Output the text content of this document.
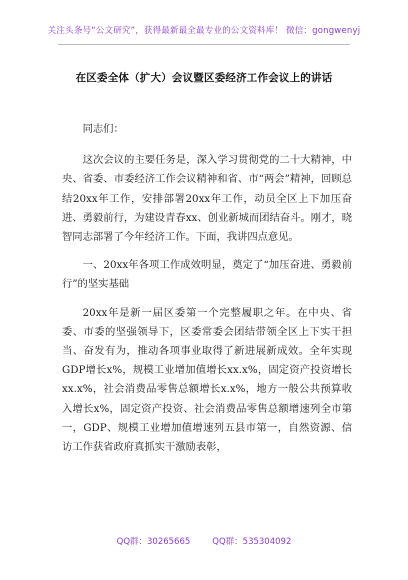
关注头条号“公文研究”，获得最新最全最专业的公文资料库！ 微信：gongwenyj
在区委全体（扩大）会议暨区委经济工作会议上的讲话

同志们：

这次会议的主要任务是，深入学习贯彻党的二十大精神，中央、省委、市委经济工作会议精神和省、市“两会”精神，回顾总结20xx年工作，安排部署20xx年工作，动员全区上下加压奋进、勇毅前行，为建设青春xx、创业新城而团结奋斗。刚才，晓智同志部署了今年经济工作。下面，我讲四点意见。

一、20xx年各项工作成效明显，奠定了“加压奋进、勇毅前行”的坚实基础

20xx年是新一届区委第一个完整履职之年。在中央、省委、市委的坚强领导下，区委常委会团结带领全区上下实干担当、奋发有为，推动各项事业取得了新进展新成效。全年实现GDP增长x%，规模工业增加值增长xx.x%，固定资产投资增长xx.x%，社会消费品零售总额增长x.x%，地方一般公共预算收入增长x%，固定资产投资、社会消费品零售总额增速列全市第一，GDP、规模工业增加值增速列五县市第一，自然资源、信访工作获省政府真抓实干激励表彰，

QQ群：30265665	QQ群：535304092
